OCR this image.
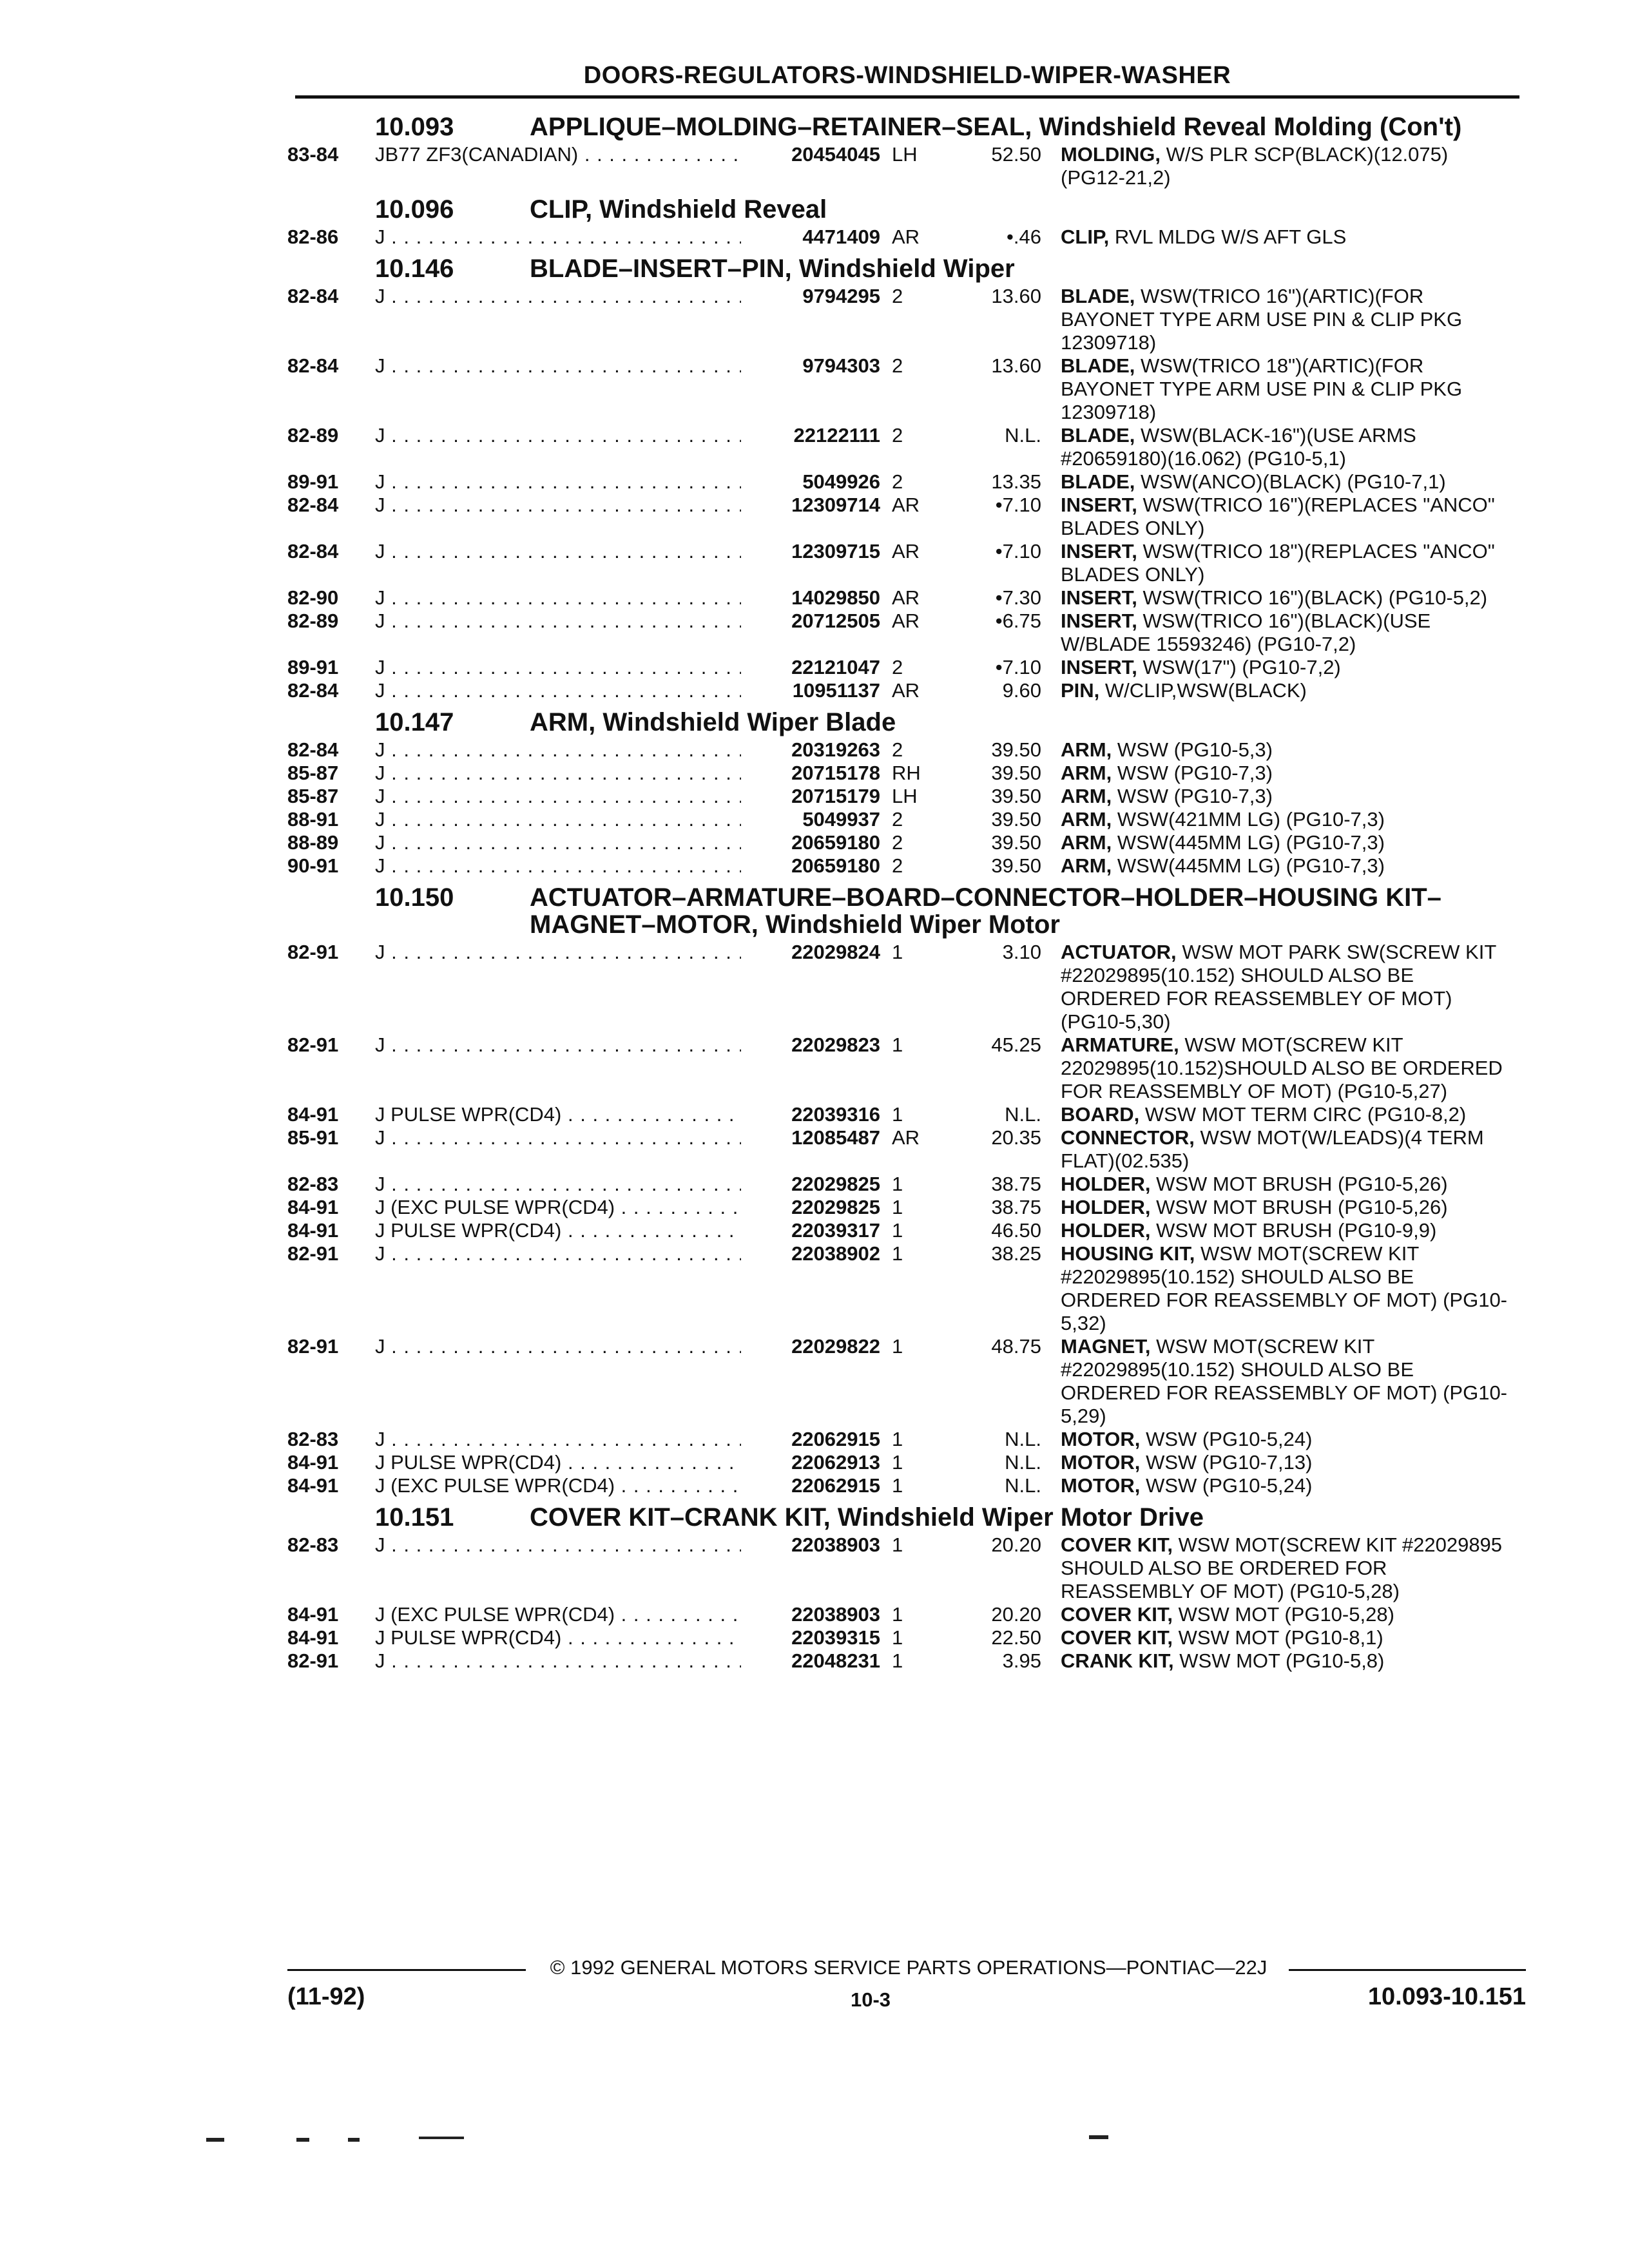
DOORS-REGULATORS-WINDSHIELD-WIPER-WASHER
10.093	APPLIQUE–MOLDING–RETAINER–SEAL, Windshield Reveal Molding (Con't)
83-84 JB77 ZF3(CANADIAN) . . .	20454045 LH	52.50 MOLDING, W/S PLR SCP(BLACK)(12.075) (PG12-21,2)
10.096	CLIP, Windshield Reveal
82-86 J . . .	4471409 AR	•.46 CLIP, RVL MLDG W/S AFT GLS
10.146	BLADE–INSERT–PIN, Windshield Wiper
82-84 J . . .	9794295 2	13.60 BLADE, WSW(TRICO 16")(ARTIC)(FOR BAYONET TYPE ARM USE PIN & CLIP PKG 12309718)
82-84 J . . .	9794303 2	13.60 BLADE, WSW(TRICO 18")(ARTIC)(FOR BAYONET TYPE ARM USE PIN & CLIP PKG 12309718)
82-89 J . . .	22122111 2	N.L. BLADE, WSW(BLACK-16")(USE ARMS #20659180)(16.062) (PG10-5,1)
89-91 J . . .	5049926 2	13.35 BLADE, WSW(ANCO)(BLACK) (PG10-7,1)
82-84 J . . .	12309714 AR	•7.10 INSERT, WSW(TRICO 16")(REPLACES "ANCO" BLADES ONLY)
82-84 J . . .	12309715 AR	•7.10 INSERT, WSW(TRICO 18")(REPLACES "ANCO" BLADES ONLY)
82-90 J . . .	14029850 AR	•7.30 INSERT, WSW(TRICO 16")(BLACK) (PG10-5,2)
82-89 J . . .	20712505 AR	•6.75 INSERT, WSW(TRICO 16")(BLACK)(USE W/BLADE 15593246) (PG10-7,2)
89-91 J . . .	22121047 2	•7.10 INSERT, WSW(17") (PG10-7,2)
82-84 J . . .	10951137 AR	9.60 PIN, W/CLIP,WSW(BLACK)
10.147	ARM, Windshield Wiper Blade
82-84 J . . .	20319263 2	39.50 ARM, WSW (PG10-5,3)
85-87 J . . .	20715178 RH	39.50 ARM, WSW (PG10-7,3)
85-87 J . . .	20715179 LH	39.50 ARM, WSW (PG10-7,3)
88-91 J . . .	5049937 2	39.50 ARM, WSW(421MM LG) (PG10-7,3)
88-89 J . . .	20659180 2	39.50 ARM, WSW(445MM LG) (PG10-7,3)
90-91 J . . .	20659180 2	39.50 ARM, WSW(445MM LG) (PG10-7,3)
10.150	ACTUATOR–ARMATURE–BOARD–CONNECTOR–HOLDER–HOUSING KIT–MAGNET–MOTOR, Windshield Wiper Motor
82-91 J . . .	22029824 1	3.10 ACTUATOR, WSW MOT PARK SW(SCREW KIT #22029895(10.152) SHOULD ALSO BE ORDERED FOR REASSEMBLEY OF MOT) (PG10-5,30)
82-91 J . . .	22029823 1	45.25 ARMATURE, WSW MOT(SCREW KIT 22029895(10.152)SHOULD ALSO BE ORDERED FOR REASSEMBLY OF MOT) (PG10-5,27)
84-91 J PULSE WPR(CD4) . . .	22039316 1	N.L. BOARD, WSW MOT TERM CIRC (PG10-8,2)
85-91 J . . .	12085487 AR	20.35 CONNECTOR, WSW MOT(W/LEADS)(4 TERM FLAT)(02.535)
82-83 J . . .	22029825 1	38.75 HOLDER, WSW MOT BRUSH (PG10-5,26)
84-91 J (EXC PULSE WPR(CD4) . . .	22029825 1	38.75 HOLDER, WSW MOT BRUSH (PG10-5,26)
84-91 J PULSE WPR(CD4) . . .	22039317 1	46.50 HOLDER, WSW MOT BRUSH (PG10-9,9)
82-91 J . . .	22038902 1	38.25 HOUSING KIT, WSW MOT(SCREW KIT #22029895(10.152) SHOULD ALSO BE ORDERED FOR REASSEMBLY OF MOT) (PG10-5,32)
82-91 J . . .	22029822 1	48.75 MAGNET, WSW MOT(SCREW KIT #22029895(10.152) SHOULD ALSO BE ORDERED FOR REASSEMBLY OF MOT) (PG10-5,29)
82-83 J . . .	22062915 1	N.L. MOTOR, WSW (PG10-5,24)
84-91 J PULSE WPR(CD4) . . .	22062913 1	N.L. MOTOR, WSW (PG10-7,13)
84-91 J (EXC PULSE WPR(CD4) . . .	22062915 1	N.L. MOTOR, WSW (PG10-5,24)
10.151	COVER KIT–CRANK KIT, Windshield Wiper Motor Drive
82-83 J . . .	22038903 1	20.20 COVER KIT, WSW MOT(SCREW KIT #22029895 SHOULD ALSO BE ORDERED FOR REASSEMBLY OF MOT) (PG10-5,28)
84-91 J (EXC PULSE WPR(CD4) . . .	22038903 1	20.20 COVER KIT, WSW MOT (PG10-5,28)
84-91 J PULSE WPR(CD4) . . .	22039315 1	22.50 COVER KIT, WSW MOT (PG10-8,1)
82-91 J . . .	22048231 1	3.95 CRANK KIT, WSW MOT (PG10-5,8)
© 1992 GENERAL MOTORS SERVICE PARTS OPERATIONS—PONTIAC—22J
(11-92)	10-3	10.093-10.151
